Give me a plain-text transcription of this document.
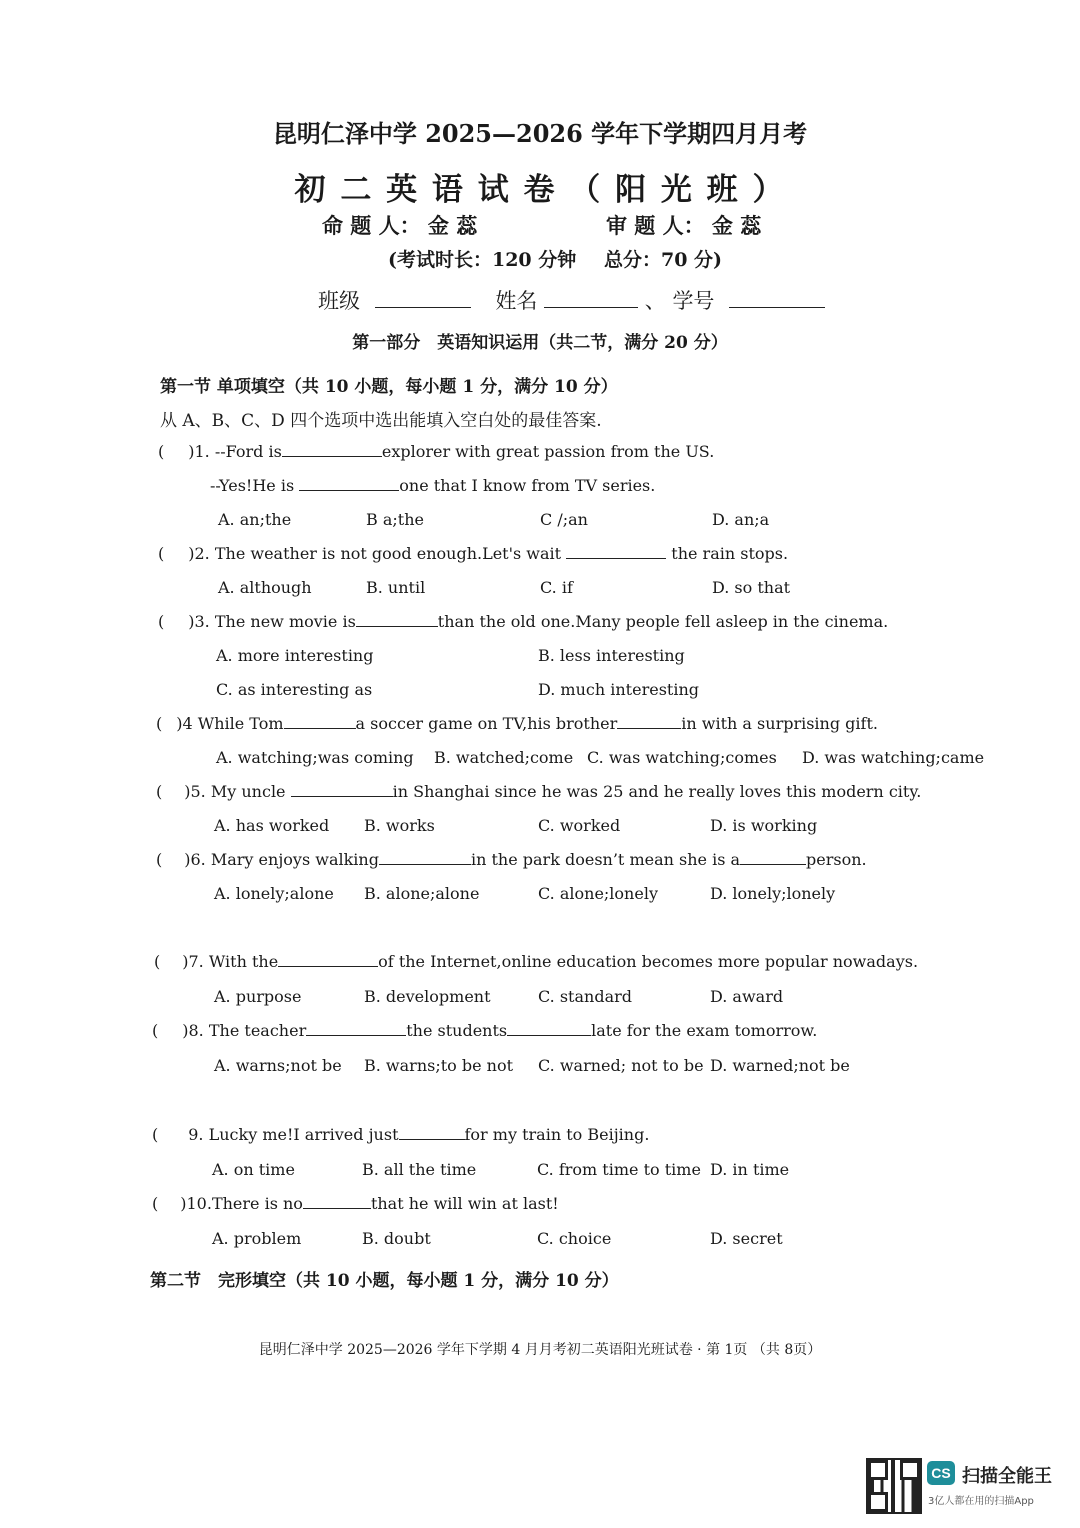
昆明仁泽中学 2025—2026 学年下学期四月月考
初 二 英 语 试 卷 （ 阳 光 班 ）
命 题 人： 金 蕊	审 题 人： 金 蕊
(考试时长：120 分钟 总分：70 分)
班级	姓名	、 学号
第一部分　英语知识运用（共二节，满分 20 分）
第一节 单项填空（共 10 小题，每小题 1 分，满分 10 分）
从 A、B、C、D 四个选项中选出能填入空白处的最佳答案.
( )1. --Ford is	explorer with great passion from the US.
--Yes!He is	one that I know from TV series.
A. an;the	B a;the	C /;an	D. an;a
( )2. The weather is not good enough.Let's wait	the rain stops.
A. although	B. until	C. if	D. so that
( )3. The new movie is	than the old one.Many people fell asleep in the cinema.
A. more interesting	B. less interesting
C. as interesting as	D. much interesting
( )4 While Tom	a soccer game on TV,his brother	in with a surprising gift.
A. watching;was coming B. watched;come C. was watching;comes D. was watching;came
( )5. My uncle	in Shanghai since he was 25 and he really loves this modern city.
A. has worked B. works	C. worked	D. is working
( )6. Mary enjoys walking	in the park doesn’t mean she is a	person.
A. lonely;alone B. alone;alone	C. alone;lonely	D. lonely;lonely
( )7. With the	of the Internet,online education becomes more popular nowadays.
A. purpose	B. development	C. standard	D. award
( )8. The teacher	the students	late for the exam tomorrow.
A. warns;not be B. warns;to be not C. warned; not to be D. warned;not be
( 9. Lucky me!I arrived just	for my train to Beijing.
A. on time	B. all the time	C. from time to time D. in time
( )10.There is no	that he will win at last!
A. problem	B. doubt	C. choice	D. secret
第二节　完形填空（共 10 小题，每小题 1 分，满分 10 分）
昆明仁泽中学 2025—2026 学年下学期 4 月月考初二英语阳光班试卷 · 第 1页 （共 8页）
CS 扫描全能王
3亿人都在用的扫描App
